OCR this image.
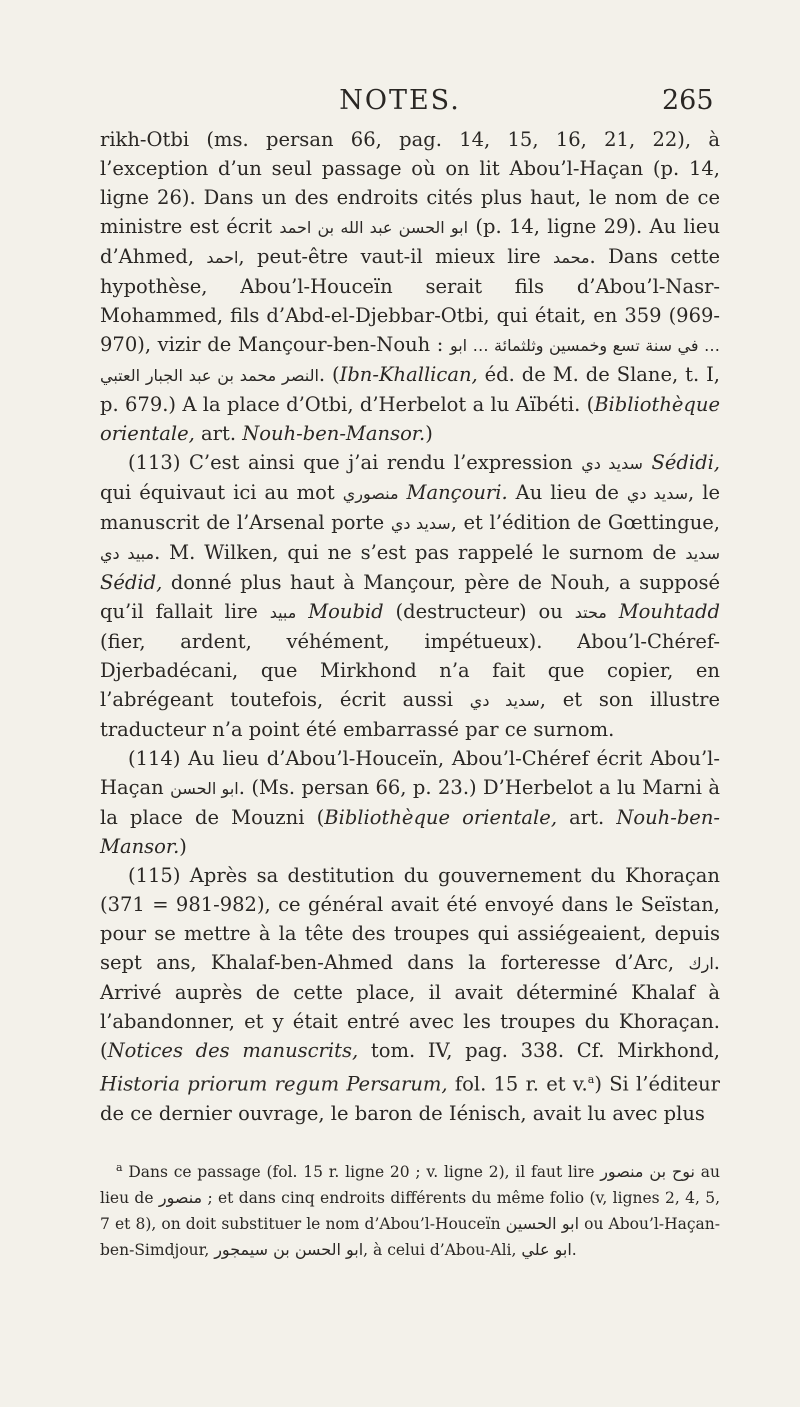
NOTES.	265

rikh-Otbi (ms. persan 66, pag. 14, 15, 16, 21, 22), à l’exception d’un seul passage où on lit Abou’l-Haçan (p. 14, ligne 26). Dans un des endroits cités plus haut, le nom de ce ministre est écrit ابو الحسن عبد الله بن احمد (p. 14, ligne 29). Au lieu d’Ahmed, احمد, peut-être vaut-il mieux lire محمد. Dans cette hypothèse, Abou’l-Houceïn serait fils d’Abou’l-Nasr-Mohammed, fils d’Abd-el-Djebbar-Otbi, qui était, en 359 (969-970), vizir de Mançour-ben-Nouh : … في سنة تسع وخمسين وثلثمائة … ابو النصر محمد بن عبد الجبار العتبي. (Ibn-Khallican, éd. de M. de Slane, t. I, p. 679.) A la place d’Otbi, d’Herbelot a lu Aïbéti. (Bibliothèque orientale, art. Nouh-ben-Mansor.)

(113) C’est ainsi que j’ai rendu l’expression سديد دي Sédidi, qui équivaut ici au mot منصوري Mançouri. Au lieu de سديد دي, le manuscrit de l’Arsenal porte سديد دي, et l’édition de Gœttingue, مبيد دي. M. Wilken, qui ne s’est pas rappelé le surnom de سديد Sédid, donné plus haut à Mançour, père de Nouh, a supposé qu’il fallait lire مبيد Moubid (destructeur) ou محتد Mouhtadd (fier, ardent, véhément, impétueux). Abou’l-Chéref-Djerbadécani, que Mirkhond n’a fait que copier, en l’abrégeant toutefois, écrit aussi سديد دي, et son illustre traducteur n’a point été embarrassé par ce surnom.

(114) Au lieu d’Abou’l-Houceïn, Abou’l-Chéref écrit Abou’l-Haçan ابو الحسن. (Ms. persan 66, p. 23.) D’Herbelot a lu Marni à la place de Mouzni (Bibliothèque orientale, art. Nouh-ben-Mansor.)

(115) Après sa destitution du gouvernement du Khoraçan (371 = 981-982), ce général avait été envoyé dans le Seïstan, pour se mettre à la tête des troupes qui assiégeaient, depuis sept ans, Khalaf-ben-Ahmed dans la forteresse d’Arc, ارك. Arrivé auprès de cette place, il avait déterminé Khalaf à l’abandonner, et y était entré avec les troupes du Khoraçan. (Notices des manuscrits, tom. IV, pag. 338. Cf. Mirkhond, Historia priorum regum Persarum, fol. 15 r. et v.$^a$) Si l’éditeur de ce dernier ouvrage, le baron de Iénisch, avait lu avec plus

$^a$ Dans ce passage (fol. 15 r. ligne 20 ; v. ligne 2), il faut lire نوح بن منصور au lieu de منصور ; et dans cinq endroits différents du même folio (v, lignes 2, 4, 5, 7 et 8), on doit substituer le nom d’Abou’l-Houceïn ابو الحسين ou Abou’l-Haçan-ben-Simdjour, ابو الحسن بن سيمجور, à celui d’Abou-Ali, ابو علي.
